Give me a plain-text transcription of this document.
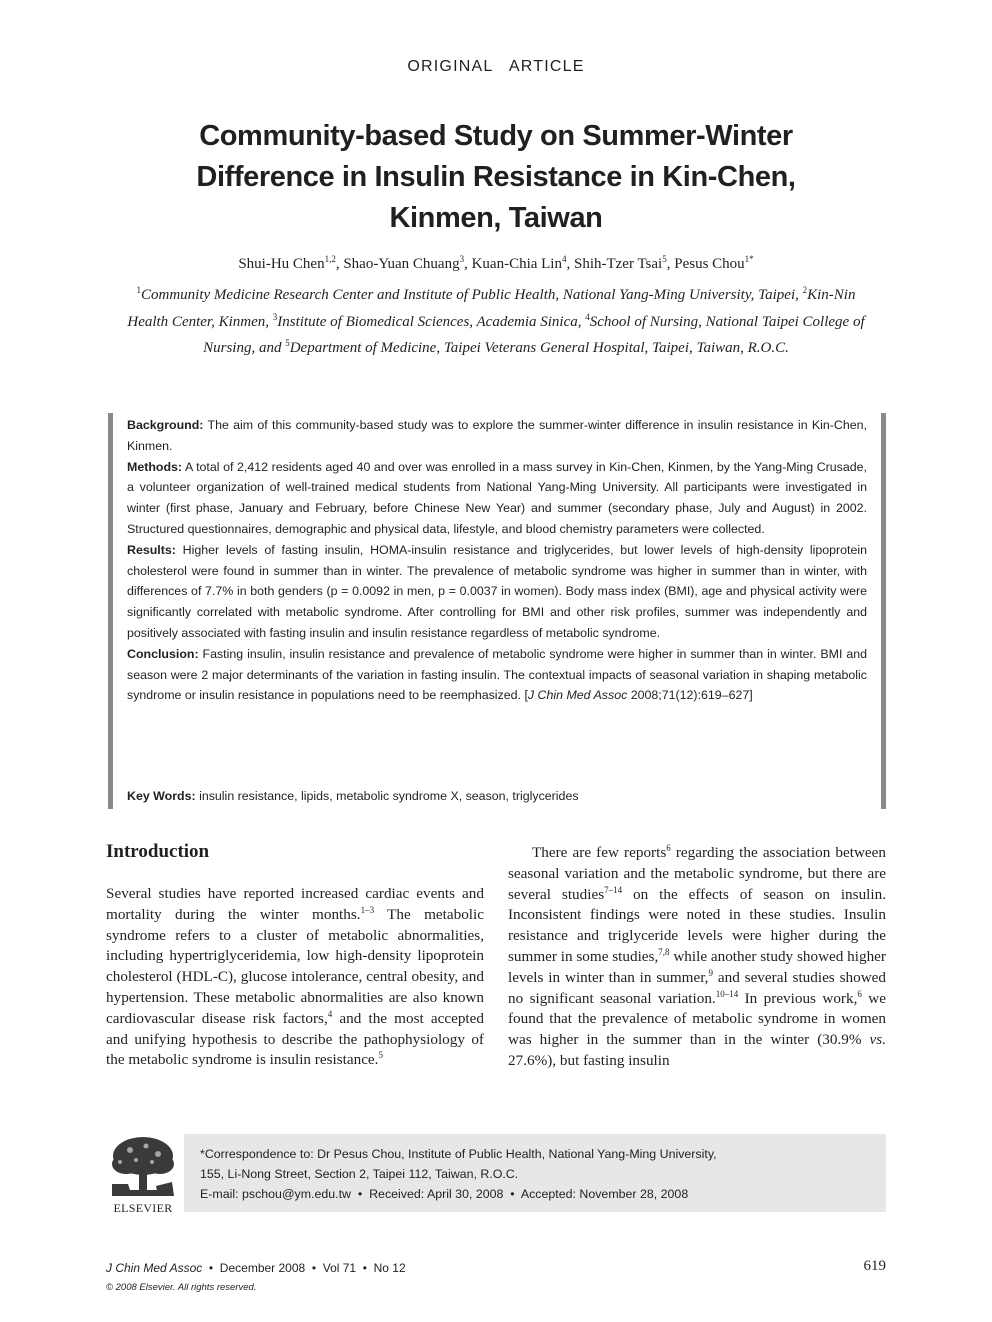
ORIGINAL   ARTICLE
Community-based Study on Summer-Winter Difference in Insulin Resistance in Kin-Chen, Kinmen, Taiwan
Shui-Hu Chen$^{1,2}$, Shao-Yuan Chuang$^3$, Kuan-Chia Lin$^4$, Shih-Tzer Tsai$^5$, Pesus Chou$^{1*}$
$^1$Community Medicine Research Center and Institute of Public Health, National Yang-Ming University, Taipei, $^2$Kin-Nin Health Center, Kinmen, $^3$Institute of Biomedical Sciences, Academia Sinica, $^4$School of Nursing, National Taipei College of Nursing, and $^5$Department of Medicine, Taipei Veterans General Hospital, Taipei, Taiwan, R.O.C.

Background: The aim of this community-based study was to explore the summer-winter difference in insulin resistance in Kin-Chen, Kinmen.

Methods: A total of 2,412 residents aged 40 and over was enrolled in a mass survey in Kin-Chen, Kinmen, by the Yang-Ming Crusade, a volunteer organization of well-trained medical students from National Yang-Ming University. All participants were investigated in winter (first phase, January and February, before Chinese New Year) and summer (secondary phase, July and August) in 2002. Structured questionnaires, demographic and physical data, lifestyle, and blood chemistry parameters were collected.

Results: Higher levels of fasting insulin, HOMA-insulin resistance and triglycerides, but lower levels of high-density lipoprotein cholesterol were found in summer than in winter. The prevalence of metabolic syndrome was higher in summer than in winter, with differences of 7.7% in both genders (p = 0.0092 in men, p = 0.0037 in women). Body mass index (BMI), age and physical activity were significantly correlated with metabolic syndrome. After controlling for BMI and other risk profiles, summer was independently and positively associated with fasting insulin and insulin resistance regardless of metabolic syndrome.

Conclusion: Fasting insulin, insulin resistance and prevalence of metabolic syndrome were higher in summer than in winter. BMI and season were 2 major determinants of the variation in fasting insulin. The contextual impacts of seasonal variation in shaping metabolic syndrome or insulin resistance in populations need to be reemphasized. [J Chin Med Assoc 2008;71(12):619–627]

Key Words: insulin resistance, lipids, metabolic syndrome X, season, triglycerides
Introduction

Several studies have reported increased cardiac events and mortality during the winter months.$^{1-3}$ The metabolic syndrome refers to a cluster of metabolic abnormalities, including hypertriglyceridemia, low high-density lipoprotein cholesterol (HDL-C), glucose intolerance, central obesity, and hypertension. These metabolic abnormalities are also known cardiovascular disease risk factors,$^4$ and the most accepted and unifying hypothesis to describe the pathophysiology of the metabolic syndrome is insulin resistance.$^5$

There are few reports$^6$ regarding the association between seasonal variation and the metabolic syndrome, but there are several studies$^{7-14}$ on the effects of season on insulin. Inconsistent findings were noted in these studies. Insulin resistance and triglyceride levels were higher during the summer in some studies,$^{7,8}$ while another study showed higher levels in winter than in summer,$^9$ and several studies showed no significant seasonal variation.$^{10-14}$ In previous work,$^6$ we found that the prevalence of metabolic syndrome in women was higher in the summer than in the winter (30.9% vs. 27.6%), but fasting insulin

ELSEVIER
*Correspondence to: Dr Pesus Chou, Institute of Public Health, National Yang-Ming University,
155, Li-Nong Street, Section 2, Taipei 112, Taiwan, R.O.C.
E-mail: pschou@ym.edu.tw  •  Received: April 30, 2008  •  Accepted: November 28, 2008
J Chin Med Assoc  •  December 2008  •  Vol 71  •  No 12
© 2008 Elsevier. All rights reserved.
619
